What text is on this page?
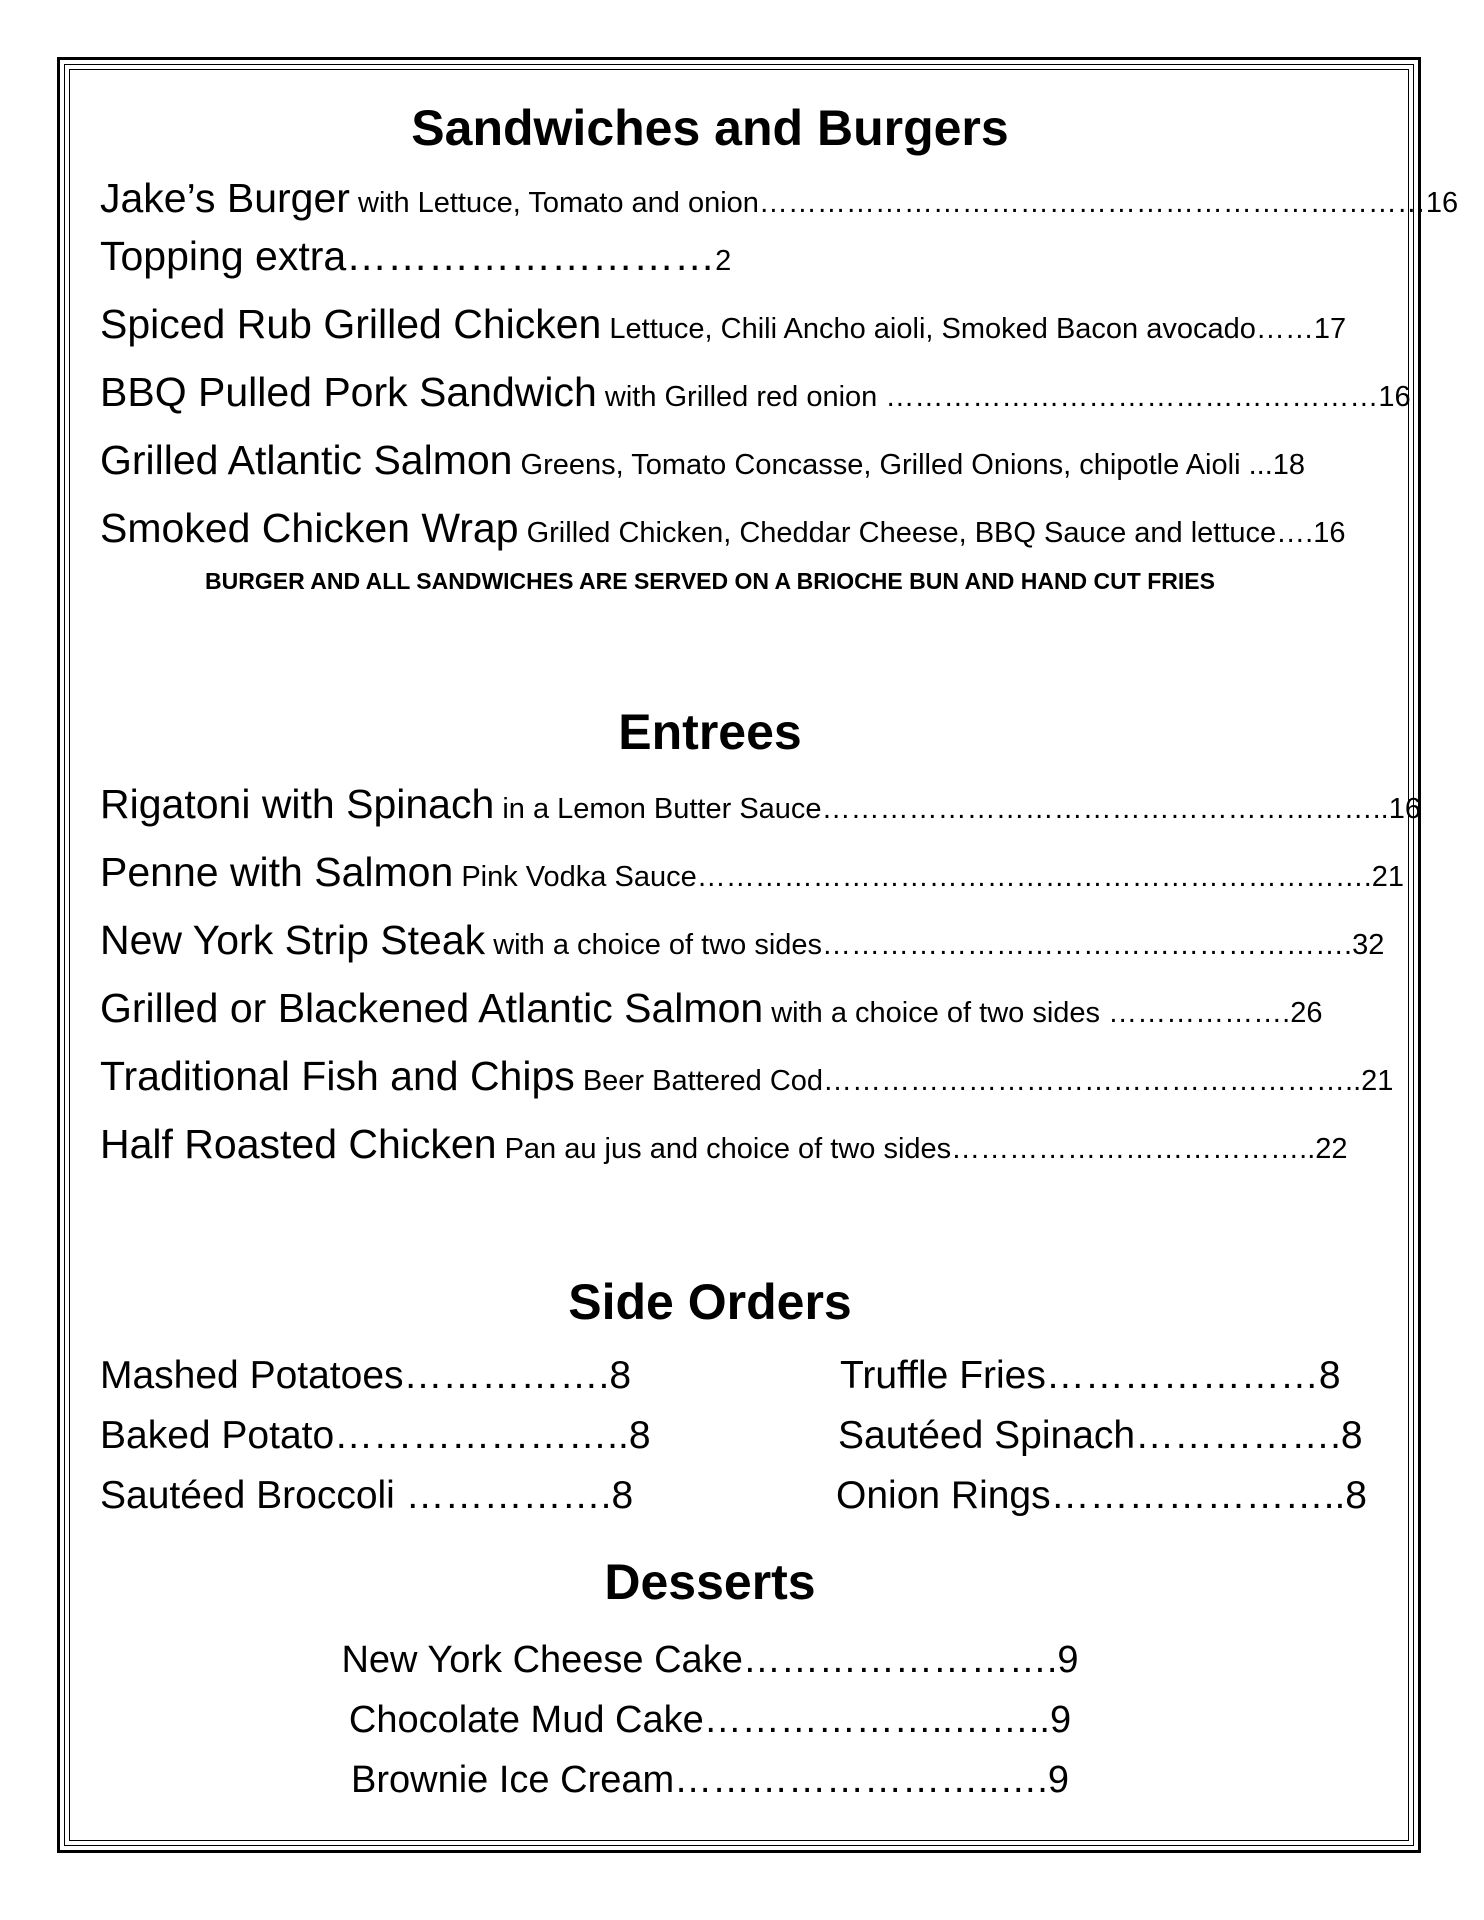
Sandwiches and Burgers
Jake’s Burger with Lettuce, Tomato and onion……………………………………………………………16
Topping extra………………………2
Spiced Rub Grilled Chicken Lettuce, Chili Ancho aioli, Smoked Bacon avocado……17
BBQ Pulled Pork Sandwich with Grilled red onion ……………………………………………16
Grilled Atlantic Salmon Greens, Tomato Concasse, Grilled Onions, chipotle Aioli ...18
Smoked Chicken Wrap Grilled Chicken, Cheddar Cheese, BBQ Sauce and lettuce….16
BURGER AND ALL SANDWICHES ARE SERVED ON A BRIOCHE BUN AND HAND CUT FRIES
Entrees
Rigatoni with Spinach in a Lemon Butter Sauce…………………………………………………..16
Penne with Salmon Pink Vodka Sauce…………………………………………………………….21
New York Strip Steak with a choice of two sides……………………………………………….32
Grilled or Blackened Atlantic Salmon with a choice of two sides ……………….26
Traditional Fish and Chips Beer Battered Cod………………………………………………..21
Half Roasted Chicken Pan au jus and choice of two sides………………………………..22
Side Orders
Mashed Potatoes…………….8
Baked Potato…………………..8
Sautéed Broccoli …………….8
Truffle Fries…………………8
Sautéed Spinach…………….8
Onion Rings…………………..8
Desserts
New York Cheese Cake…………………….9
Chocolate Mud Cake………………..……..9
Brownie Ice Cream……………………..….9
